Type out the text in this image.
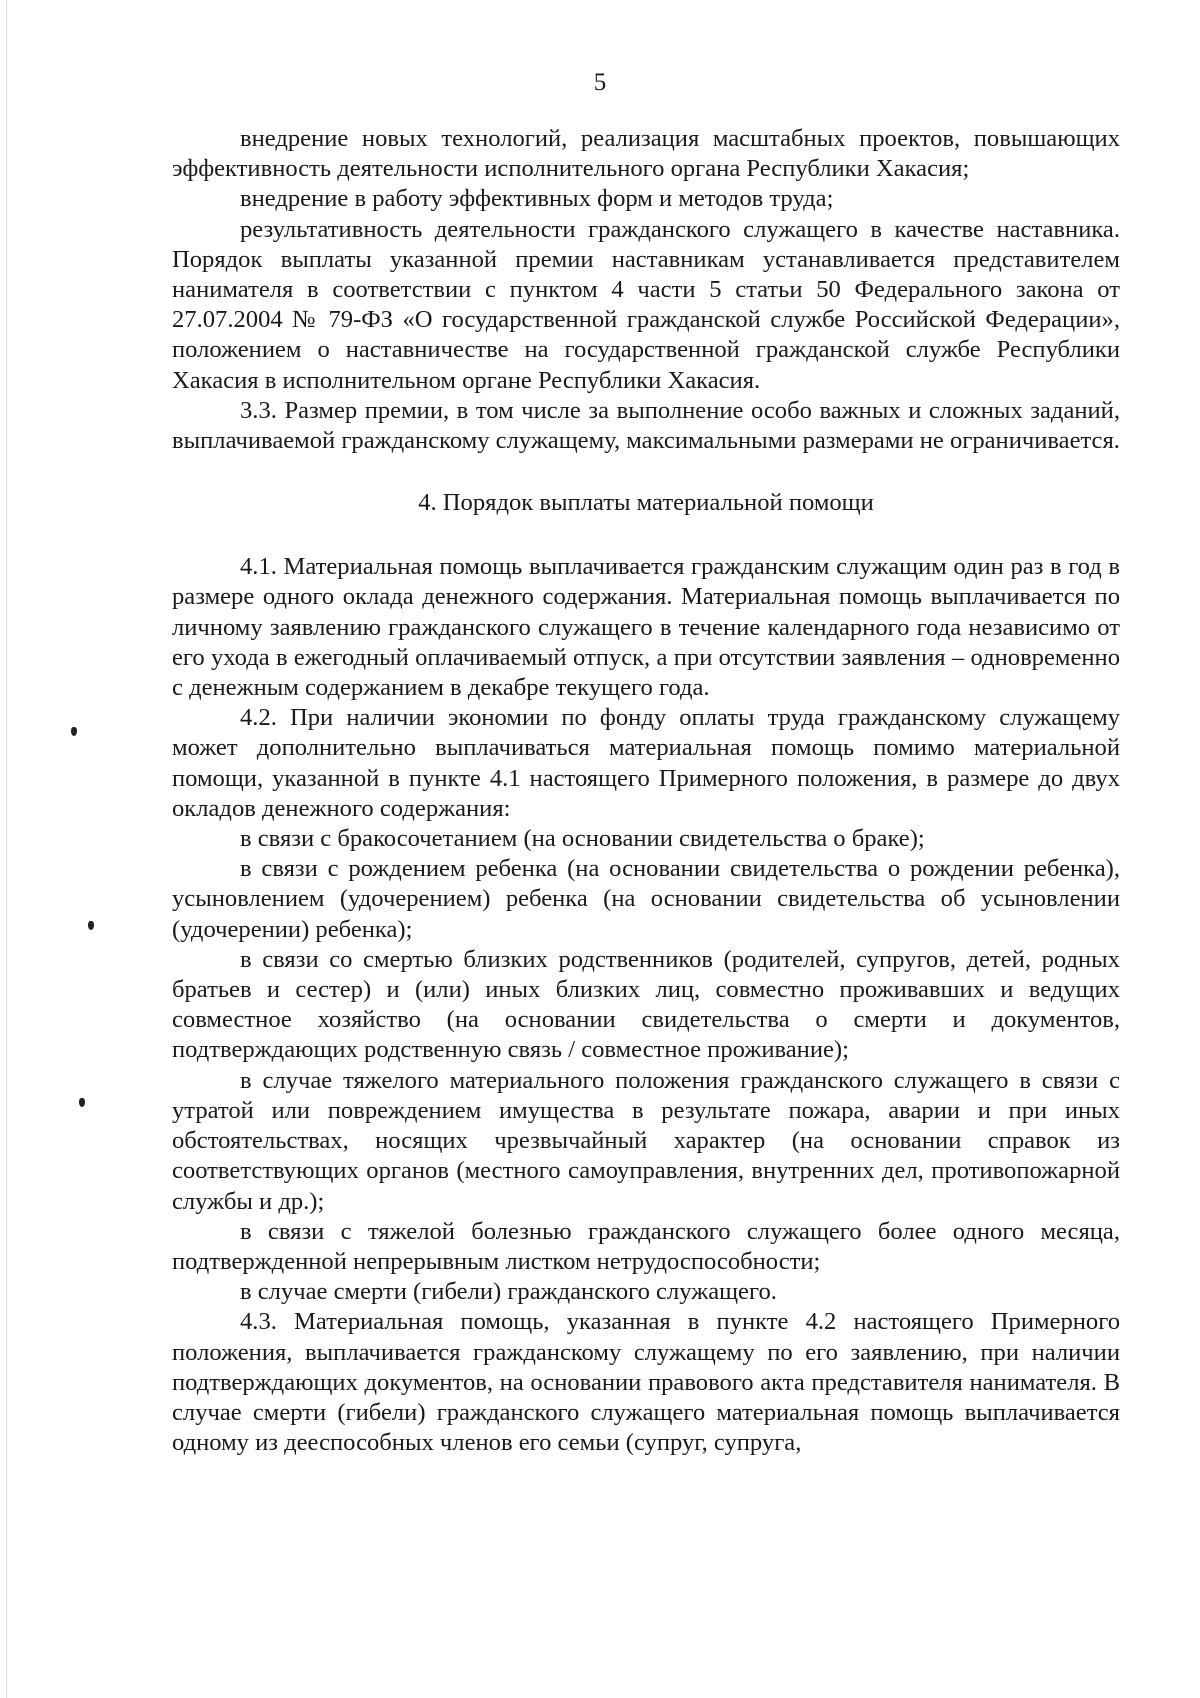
5

внедрение новых технологий, реализация масштабных проектов, повышающих эффективность деятельности исполнительного органа Республики Хакасия;

внедрение в работу эффективных форм и методов труда;

результативность деятельности гражданского служащего в качестве наставника. Порядок выплаты указанной премии наставникам устанавливается представителем нанимателя в соответствии с пунктом 4 части 5 статьи 50 Федерального закона от 27.07.2004 № 79-ФЗ «О государственной гражданской службе Российской Федерации», положением о наставничестве на государственной гражданской службе Республики Хакасия в исполнительном органе Республики Хакасия.

3.3. Размер премии, в том числе за выполнение особо важных и сложных заданий, выплачиваемой гражданскому служащему, максимальными размерами не ограничивается.

4. Порядок выплаты материальной помощи

4.1. Материальная помощь выплачивается гражданским служащим один раз в год в размере одного оклада денежного содержания. Материальная помощь выплачивается по личному заявлению гражданского служащего в течение календарного года независимо от его ухода в ежегодный оплачиваемый отпуск, а при отсутствии заявления – одновременно с денежным содержанием в декабре текущего года.

4.2. При наличии экономии по фонду оплаты труда гражданскому служащему может дополнительно выплачиваться материальная помощь помимо материальной помощи, указанной в пункте 4.1 настоящего Примерного положения, в размере до двух окладов денежного содержания:

в связи с бракосочетанием (на основании свидетельства о браке);

в связи с рождением ребенка (на основании свидетельства о рождении ребенка), усыновлением (удочерением) ребенка (на основании свидетельства об усыновлении (удочерении) ребенка);

в связи со смертью близких родственников (родителей, супругов, детей, родных братьев и сестер) и (или) иных близких лиц, совместно проживавших и ведущих совместное хозяйство (на основании свидетельства о смерти и документов, подтверждающих родственную связь / совместное проживание);

в случае тяжелого материального положения гражданского служащего в связи с утратой или повреждением имущества в результате пожара, аварии и при иных обстоятельствах, носящих чрезвычайный характер (на основании справок из соответствующих органов (местного самоуправления, внутренних дел, противопожарной службы и др.);

в связи с тяжелой болезнью гражданского служащего более одного месяца, подтвержденной непрерывным листком нетрудоспособности;

в случае смерти (гибели) гражданского служащего.

4.3. Материальная помощь, указанная в пункте 4.2 настоящего Примерного положения, выплачивается гражданскому служащему по его заявлению, при наличии подтверждающих документов, на основании правового акта представителя нанимателя. В случае смерти (гибели) гражданского служащего материальная помощь выплачивается одному из дееспособных членов его семьи (супруг, супруга,
